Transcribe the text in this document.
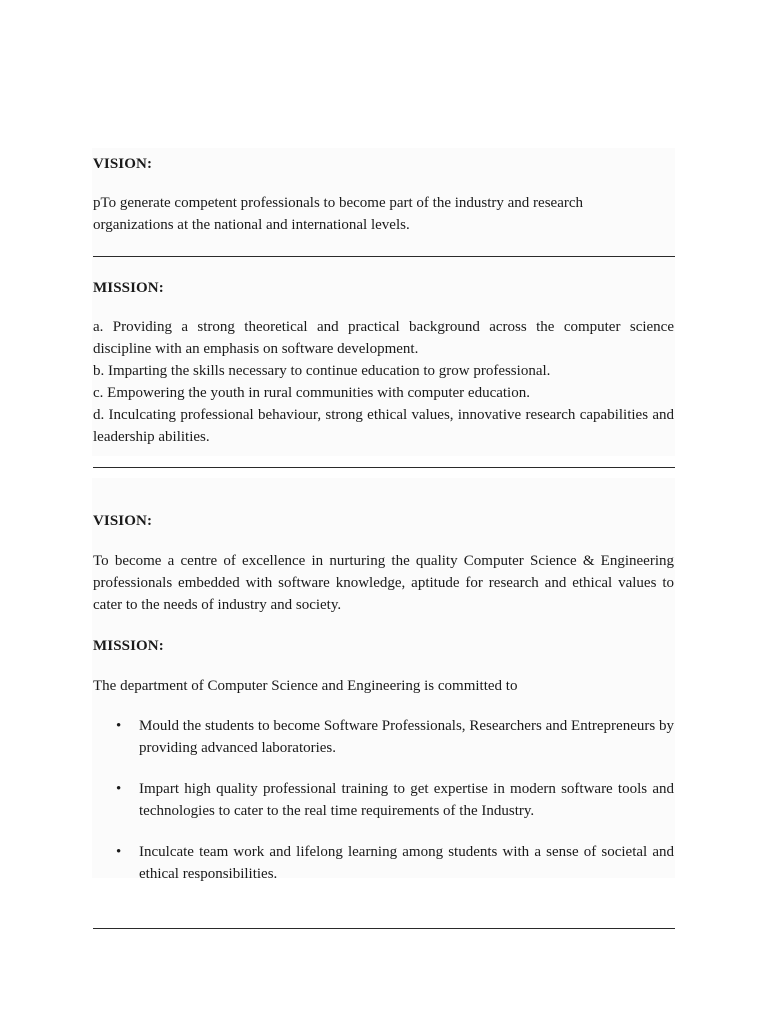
VISION:

pTo generate competent professionals to become part of the industry and research organizations at the national and international levels.

MISSION:
a. Providing a strong theoretical and practical background across the computer science discipline with an emphasis on software development.
b. Imparting the skills necessary to continue education to grow professional.
c. Empowering the youth in rural communities with computer education.
d. Inculcating professional behaviour, strong ethical values, innovative research capabilities and leadership abilities.
VISION:

To become a centre of excellence in nurturing the quality Computer Science & Engineering professionals embedded with software knowledge, aptitude for research and ethical values to cater to the needs of industry and society.

MISSION:

The department of Computer Science and Engineering is committed to

• Mould the students to become Software Professionals, Researchers and Entrepreneurs by providing advanced laboratories.
• Impart high quality professional training to get expertise in modern software tools and technologies to cater to the real time requirements of the Industry.
• Inculcate team work and lifelong learning among students with a sense of societal and ethical responsibilities.
